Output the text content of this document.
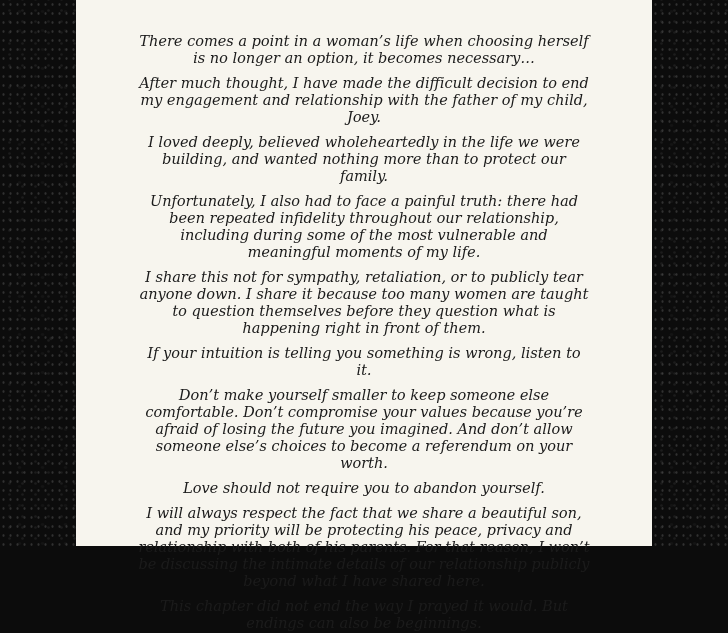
There comes a point in a woman’s life when choosing herself is no longer an option, it becomes necessary…

After much thought, I have made the difficult decision to end my engagement and relationship with the father of my child, Joey.

I loved deeply, believed wholeheartedly in the life we were building, and wanted nothing more than to protect our family.

Unfortunately, I also had to face a painful truth: there had been repeated infidelity throughout our relationship, including during some of the most vulnerable and meaningful moments of my life.

I share this not for sympathy, retaliation, or to publicly tear anyone down. I share it because too many women are taught to question themselves before they question what is happening right in front of them.

If your intuition is telling you something is wrong, listen to it.

Don’t make yourself smaller to keep someone else comfortable. Don’t compromise your values because you’re afraid of losing the future you imagined. And don’t allow someone else’s choices to become a referendum on your worth.

Love should not require you to abandon yourself.

I will always respect the fact that we share a beautiful son, and my priority will be protecting his peace, privacy and relationship with both of his parents. For that reason, I won’t be discussing the intimate details of our relationship publicly beyond what I have shared here.

This chapter did not end the way I prayed it would. But endings can also be beginnings.
